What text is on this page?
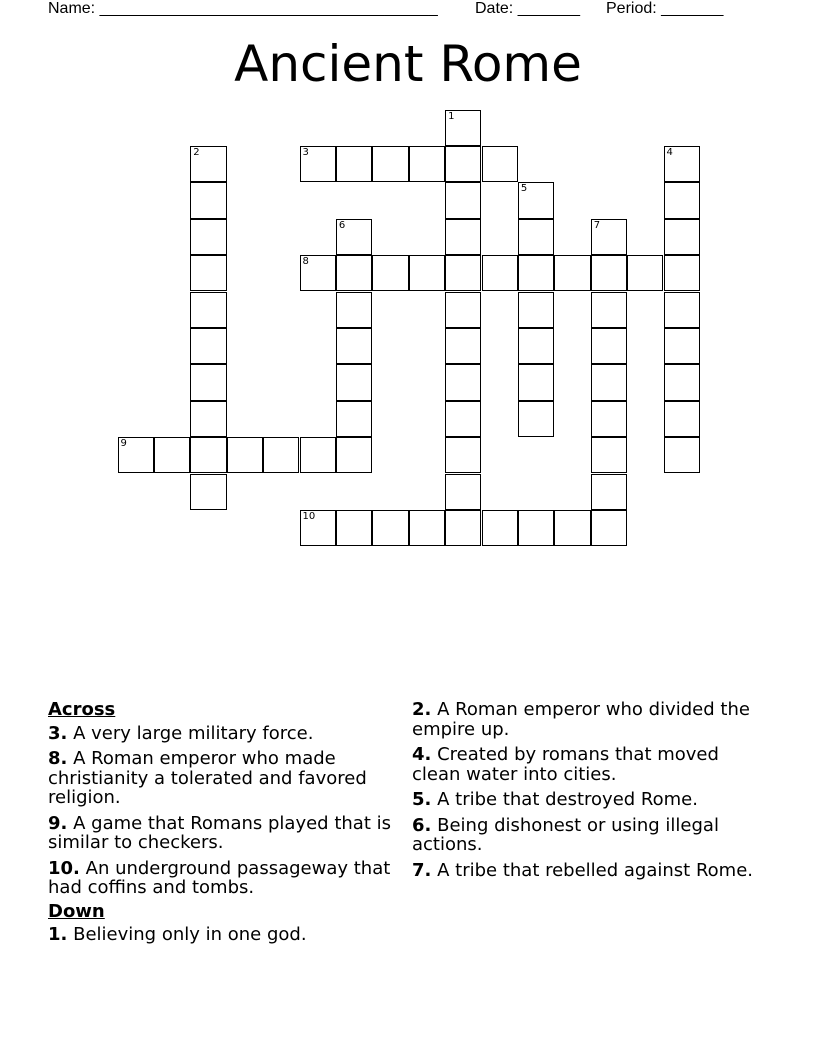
Name: ______________________________________ Date: _______ Period: _______
Ancient Rome
1
2	3	4
5
6	7
8
9
10
Across
3. A very large military force.
8. A Roman emperor who made christianity a tolerated and favored religion.
9. A game that Romans played that is similar to checkers.
10. An underground passageway that had coffins and tombs.
Down
1. Believing only in one god.
2. A Roman emperor who divided the empire up.
4. Created by romans that moved clean water into cities.
5. A tribe that destroyed Rome.
6. Being dishonest or using illegal actions.
7. A tribe that rebelled against Rome.
